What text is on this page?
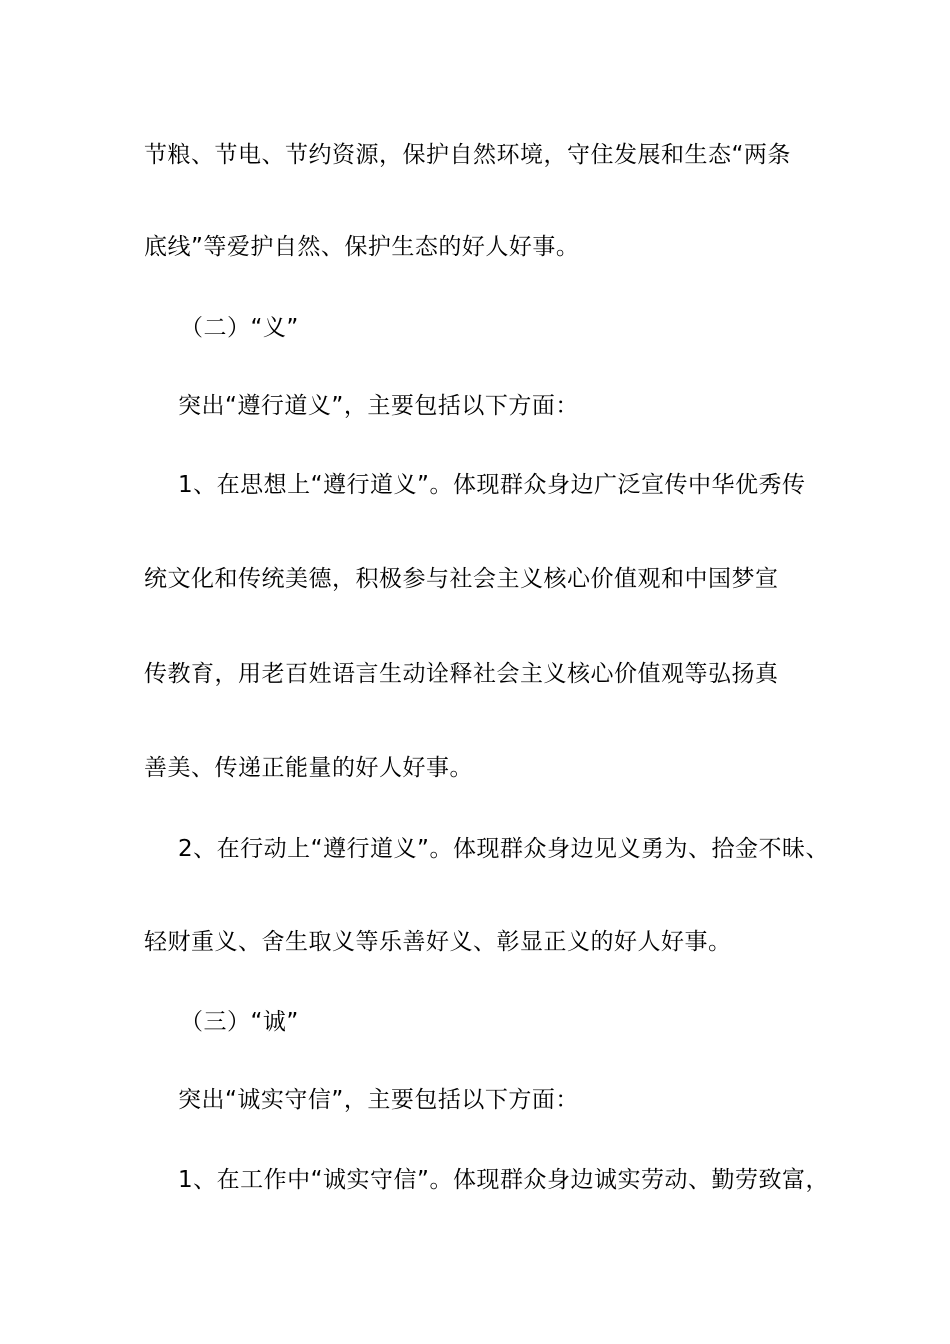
节粮、节电、节约资源，保护自然环境，守住发展和生态“两条
底线”等爱护自然、保护生态的好人好事。
（二）“义”
突出“遵行道义”，主要包括以下方面：
1、在思想上“遵行道义”。体现群众身边广泛宣传中华优秀传
统文化和传统美德，积极参与社会主义核心价值观和中国梦宣
传教育，用老百姓语言生动诠释社会主义核心价值观等弘扬真
善美、传递正能量的好人好事。
2、在行动上“遵行道义”。体现群众身边见义勇为、拾金不昧、
轻财重义、舍生取义等乐善好义、彰显正义的好人好事。
（三）“诚”
突出“诚实守信”，主要包括以下方面：
1、在工作中“诚实守信”。体现群众身边诚实劳动、勤劳致富，
